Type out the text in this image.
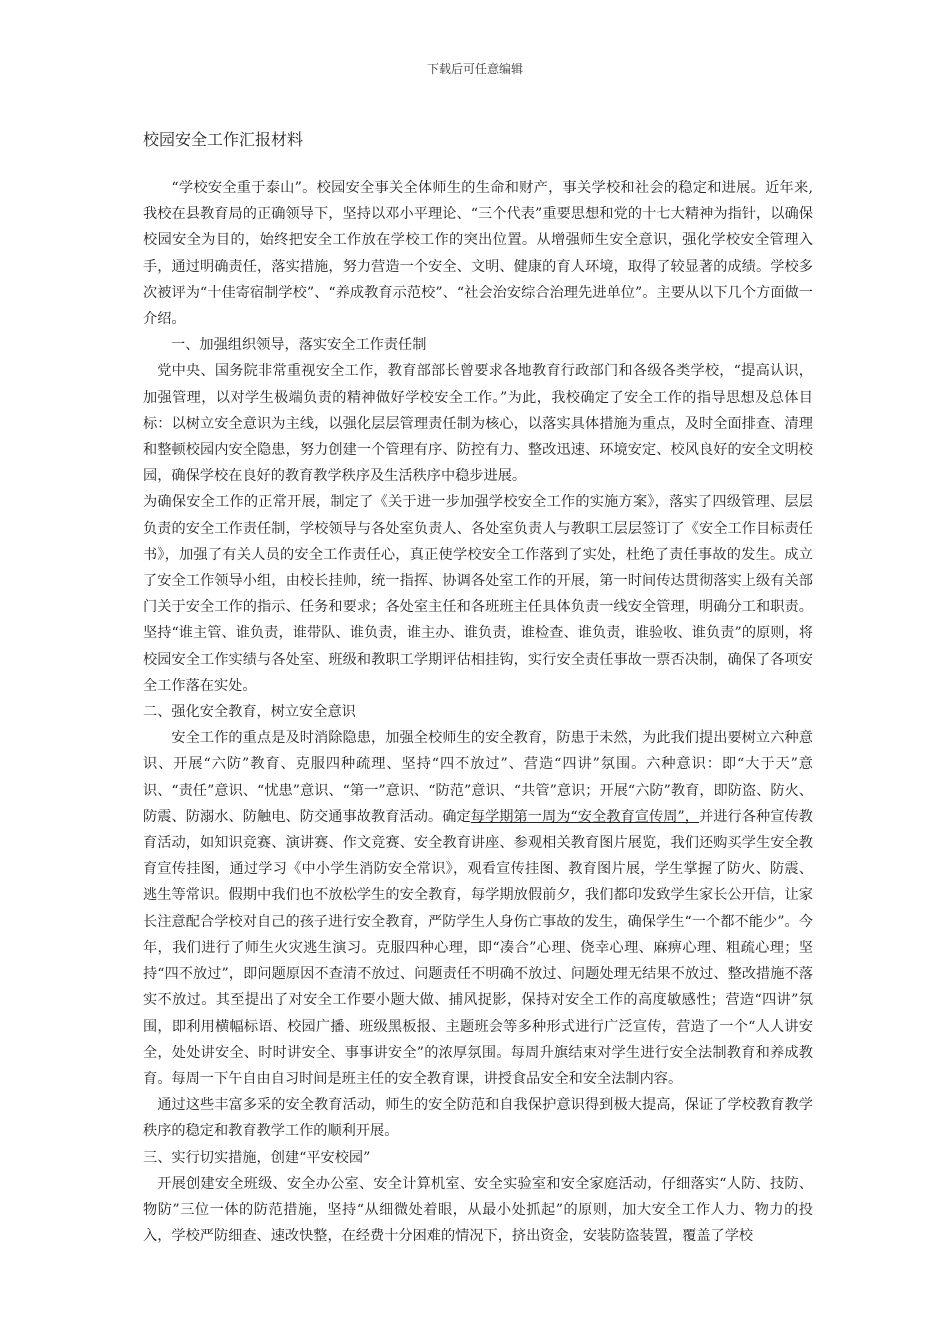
下载后可任意编辑
校园安全工作汇报材料

“学校安全重于泰山”。校园安全事关全体师生的生命和财产，事关学校和社会的稳定和进展。近年来,我校在县教育局的正确领导下，坚持以邓小平理论、“三个代表”重要思想和党的十七大精神为指针，以确保校园安全为目的，始终把安全工作放在学校工作的突出位置。从增强师生安全意识，强化学校安全管理入手，通过明确责任，落实措施，努力营造一个安全、文明、健康的育人环境，取得了较显著的成绩。学校多次被评为“十佳寄宿制学校”、“养成教育示范校”、“社会治安综合治理先进单位”。主要从以下几个方面做一介绍。

一、加强组织领导，落实安全工作责任制

党中央、国务院非常重视安全工作，教育部部长曾要求各地教育行政部门和各级各类学校，“提高认识，加强管理，以对学生极端负责的精神做好学校安全工作。”为此，我校确定了安全工作的指导思想及总体目标：以树立安全意识为主线，以强化层层管理责任制为核心，以落实具体措施为重点，及时全面排查、清理和整顿校园内安全隐患，努力创建一个管理有序、防控有力、整改迅速、环境安定、校风良好的安全文明校园，确保学校在良好的教育教学秩序及生活秩序中稳步进展。

为确保安全工作的正常开展，制定了《关于进一步加强学校安全工作的实施方案》，落实了四级管理、层层负责的安全工作责任制，学校领导与各处室负责人、各处室负责人与教职工层层签订了《安全工作目标责任书》，加强了有关人员的安全工作责任心，真正使学校安全工作落到了实处，杜绝了责任事故的发生。成立了安全工作领导小组，由校长挂帅，统一指挥、协调各处室工作的开展，第一时间传达贯彻落实上级有关部门关于安全工作的指示、任务和要求；各处室主任和各班班主任具体负责一线安全管理，明确分工和职责。坚持“谁主管、谁负责，谁带队、谁负责，谁主办、谁负责，谁检查、谁负责，谁验收、谁负责”的原则，将校园安全工作实绩与各处室、班级和教职工学期评估相挂钩，实行安全责任事故一票否决制，确保了各项安全工作落在实处。

二、强化安全教育，树立安全意识

安全工作的重点是及时消除隐患，加强全校师生的安全教育，防患于未然，为此我们提出要树立六种意识、开展“六防”教育、克服四种疏理、坚持“四不放过”、营造“四讲”氛围。六种意识：即“大于天”意识、“责任”意识、“忧患”意识、“第一”意识、“防范”意识、“共管”意识；开展“六防”教育，即防盗、防火、防震、防溺水、防触电、防交通事故教育活动。确定每学期第一周为“安全教育宣传周”，并进行各种宣传教育活动，如知识竞赛、演讲赛、作文竞赛、安全教育讲座、参观相关教育图片展览，我们还购买学生安全教育宣传挂图，通过学习《中小学生消防安全常识》，观看宣传挂图、教育图片展，学生掌握了防火、防震、逃生等常识。假期中我们也不放松学生的安全教育，每学期放假前夕，我们都印发致学生家长公开信，让家长注意配合学校对自己的孩子进行安全教育，严防学生人身伤亡事故的发生，确保学生“一个都不能少”。今年，我们进行了师生火灾逃生演习。克服四种心理，即“凑合”心理、侥幸心理、麻痹心理、粗疏心理；坚持“四不放过”，即问题原因不查清不放过、问题责任不明确不放过、问题处理无结果不放过、整改措施不落实不放过。其至提出了对安全工作要小题大做、捕风捉影，保持对安全工作的高度敏感性；营造“四讲”氛围，即利用横幅标语、校园广播、班级黑板报、主题班会等多种形式进行广泛宣传，营造了一个“人人讲安全，处处讲安全、时时讲安全、事事讲安全”的浓厚氛围。每周升旗结束对学生进行安全法制教育和养成教育。每周一下午自由自习时间是班主任的安全教育课，讲授食品安全和安全法制内容。

通过这些丰富多采的安全教育活动，师生的安全防范和自我保护意识得到极大提高，保证了学校教育教学秩序的稳定和教育教学工作的顺利开展。

三、实行切实措施，创建“平安校园”

开展创建安全班级、安全办公室、安全计算机室、安全实验室和安全家庭活动，仔细落实“人防、技防、物防”三位一体的防范措施，坚持“从细微处着眼，从最小处抓起”的原则，加大安全工作人力、物力的投入，学校严防细查、速改快整，在经费十分困难的情况下，挤出资金，安装防盗装置，覆盖了学校
